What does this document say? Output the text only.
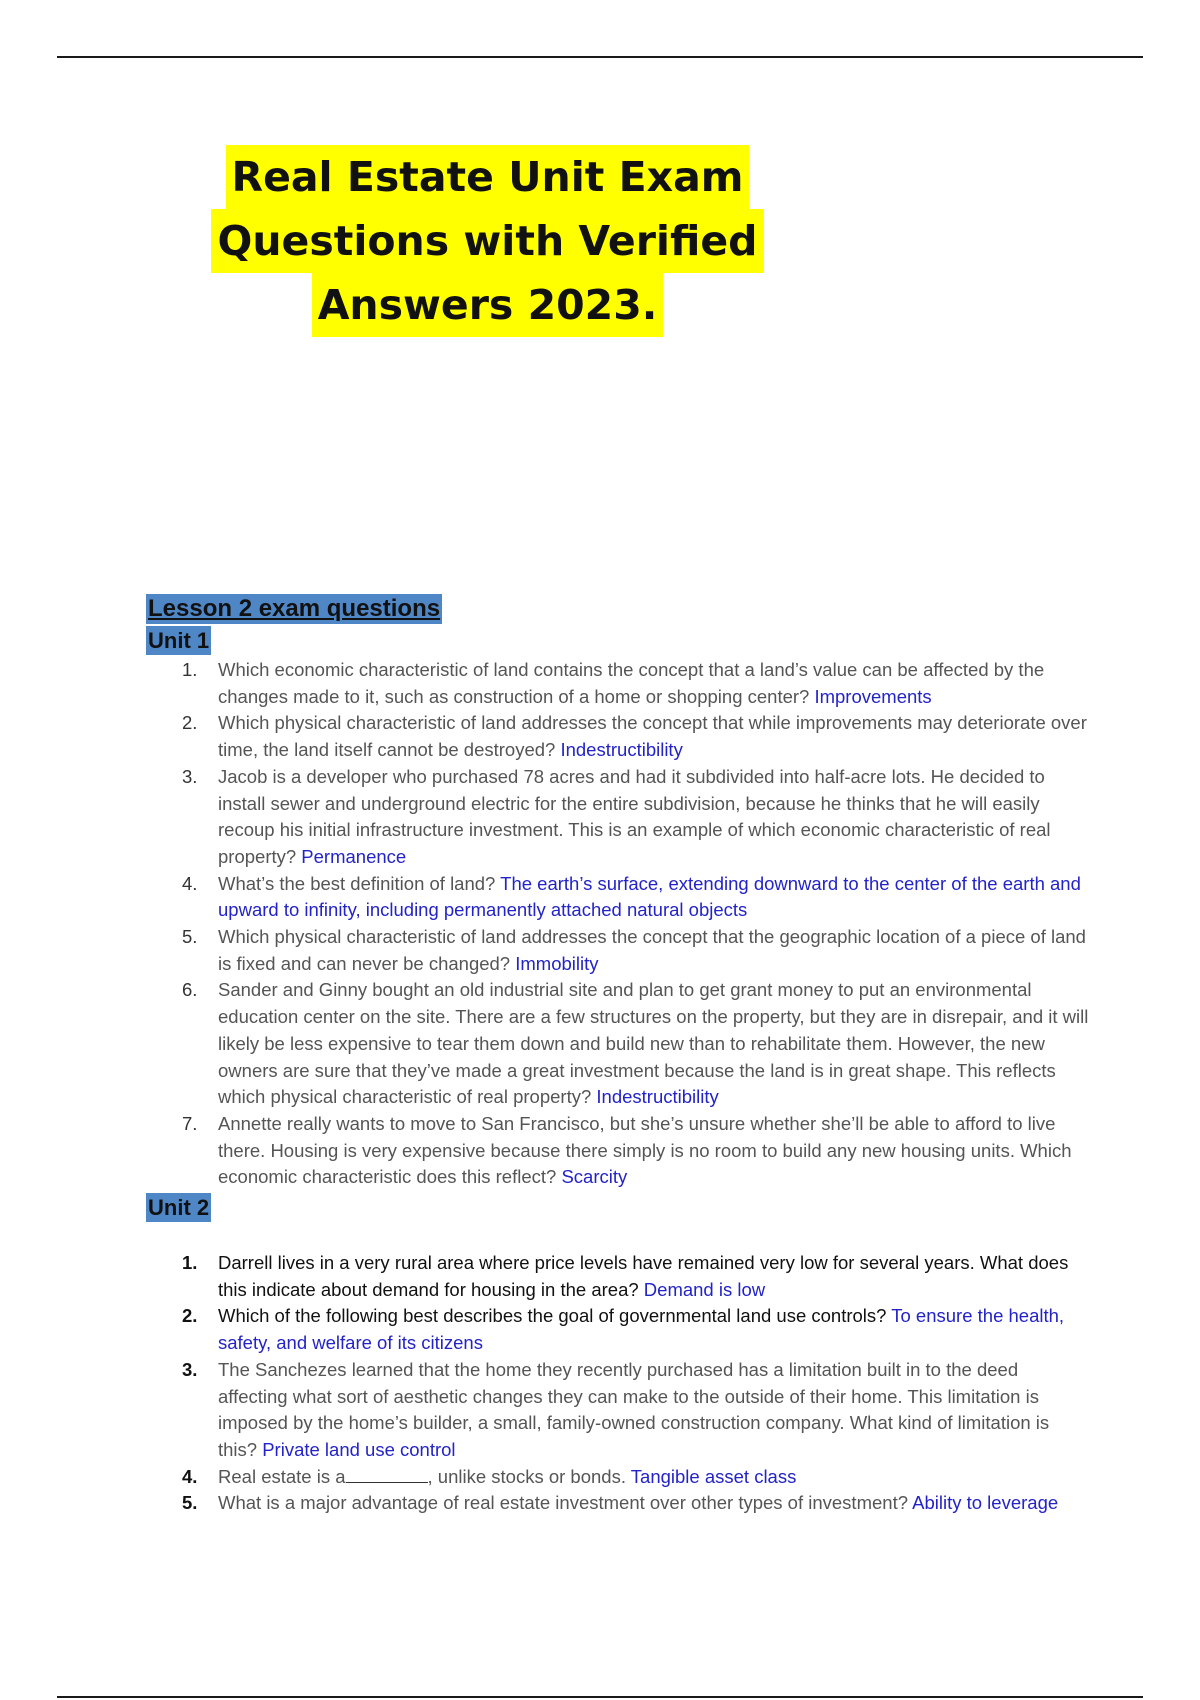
Real Estate Unit Exam
Questions with Verified
Answers 2023.
Lesson 2 exam questions
Unit 1
1. Which economic characteristic of land contains the concept that a land’s value can be affected by the changes made to it, such as construction of a home or shopping center? Improvements
2. Which physical characteristic of land addresses the concept that while improvements may deteriorate over time, the land itself cannot be destroyed? Indestructibility
3. Jacob is a developer who purchased 78 acres and had it subdivided into half-acre lots. He decided to install sewer and underground electric for the entire subdivision, because he thinks that he will easily recoup his initial infrastructure investment. This is an example of which economic characteristic of real property? Permanence
4. What’s the best definition of land? The earth’s surface, extending downward to the center of the earth and upward to infinity, including permanently attached natural objects
5. Which physical characteristic of land addresses the concept that the geographic location of a piece of land is fixed and can never be changed? Immobility
6. Sander and Ginny bought an old industrial site and plan to get grant money to put an environmental education center on the site. There are a few structures on the property, but they are in disrepair, and it will likely be less expensive to tear them down and build new than to rehabilitate them. However, the new owners are sure that they’ve made a great investment because the land is in great shape. This reflects which physical characteristic of real property? Indestructibility
7. Annette really wants to move to San Francisco, but she’s unsure whether she’ll be able to afford to live there. Housing is very expensive because there simply is no room to build any new housing units. Which economic characteristic does this reflect? Scarcity
Unit 2
1. Darrell lives in a very rural area where price levels have remained very low for several years. What does this indicate about demand for housing in the area? Demand is low
2. Which of the following best describes the goal of governmental land use controls? To ensure the health, safety, and welfare of its citizens
3. The Sanchezes learned that the home they recently purchased has a limitation built in to the deed affecting what sort of aesthetic changes they can make to the outside of their home. This limitation is imposed by the home’s builder, a small, family-owned construction company. What kind of limitation is this? Private land use control
4. Real estate is a	, unlike stocks or bonds. Tangible asset class
5. What is a major advantage of real estate investment over other types of investment? Ability to leverage
